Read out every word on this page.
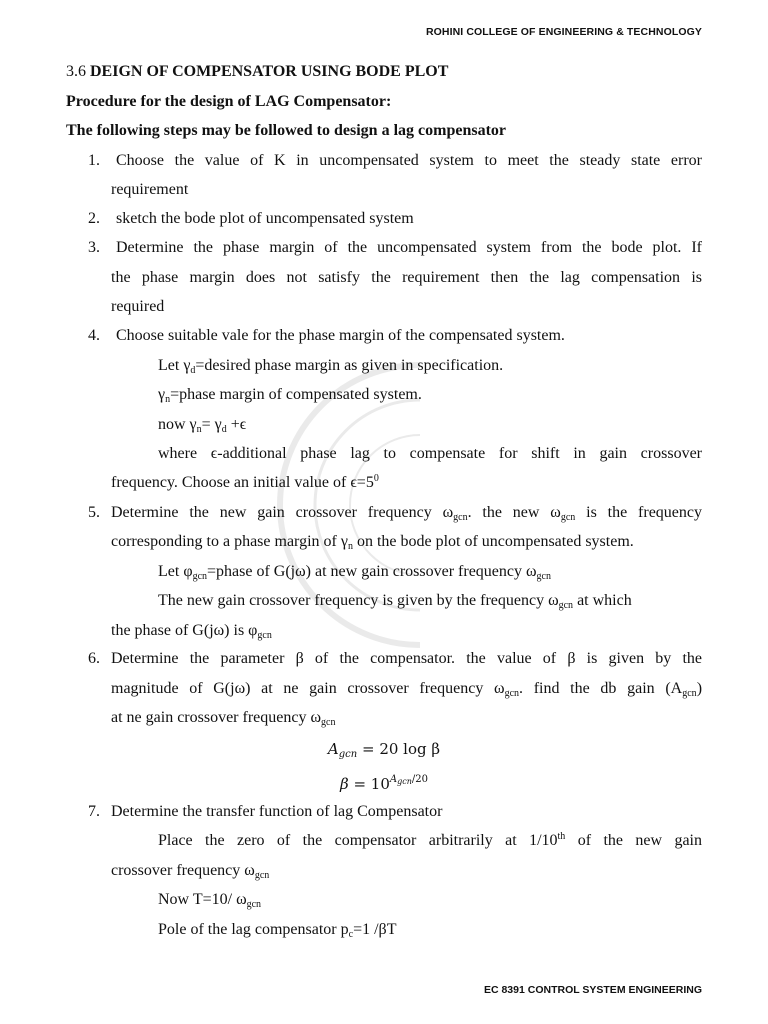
ROHINI COLLEGE OF ENGINEERING & TECHNOLOGY
3.6 DEIGN OF COMPENSATOR USING BODE PLOT
Procedure for the design of LAG Compensator:
The following steps may be followed to design a lag compensator
1.	Choose the value of K in uncompensated system to meet the steady state error
requirement
2.	sketch the bode plot of uncompensated system
3.	Determine the phase margin of the uncompensated system from the bode plot. If
the phase margin does not satisfy the requirement then the lag compensation is
required
4.	Choose suitable vale for the phase margin of the compensated system.
Let $\gamma_d=desired$ phase margin as given in specification.
$\gamma_n=phase$ margin of compensated system.
now $\gamma_n= \gamma_d +\epsilon$
where ϵ-additional phase lag to compensate for shift in gain crossover
frequency. Choose an initial value of $\epsilon=5^0$
5. Determine the new gain crossover frequency $\omega_{gcn}$. the new $\omega_{gcn}$ is the frequency
corresponding to a phase margin of $\gamma_n$ on the bode plot of uncompensated system.
Let $\varphi_{gcn}=phase$ of G(jω) at new gain crossover frequency $\omega_{gcn}$
The new gain crossover frequency is given by the frequency $\omega_{gcn}$ at which
the phase of G(jω) is $\varphi_{gcn}$
6. Determine the parameter β of the compensator. the value of β is given by the
magnitude of G(jω) at ne gain crossover frequency $\omega_{gcn}$. find the db gain $(A_{gcn})$
at ne gain crossover frequency $\omega_{gcn}$
$A_{gcn} = 20$ log β
$\beta = 10^{A_{gcn}/20}$
7. Determine the transfer function of lag Compensator
Place the zero of the compensator arbitrarily at 1/10th of the new gain
crossover frequency $\omega_{gcn}$
Now T=10/ $\omega_{gcn}$
Pole of the lag compensator $p_c=1$ /βT
EC 8391 CONTROL SYSTEM ENGINEERING
